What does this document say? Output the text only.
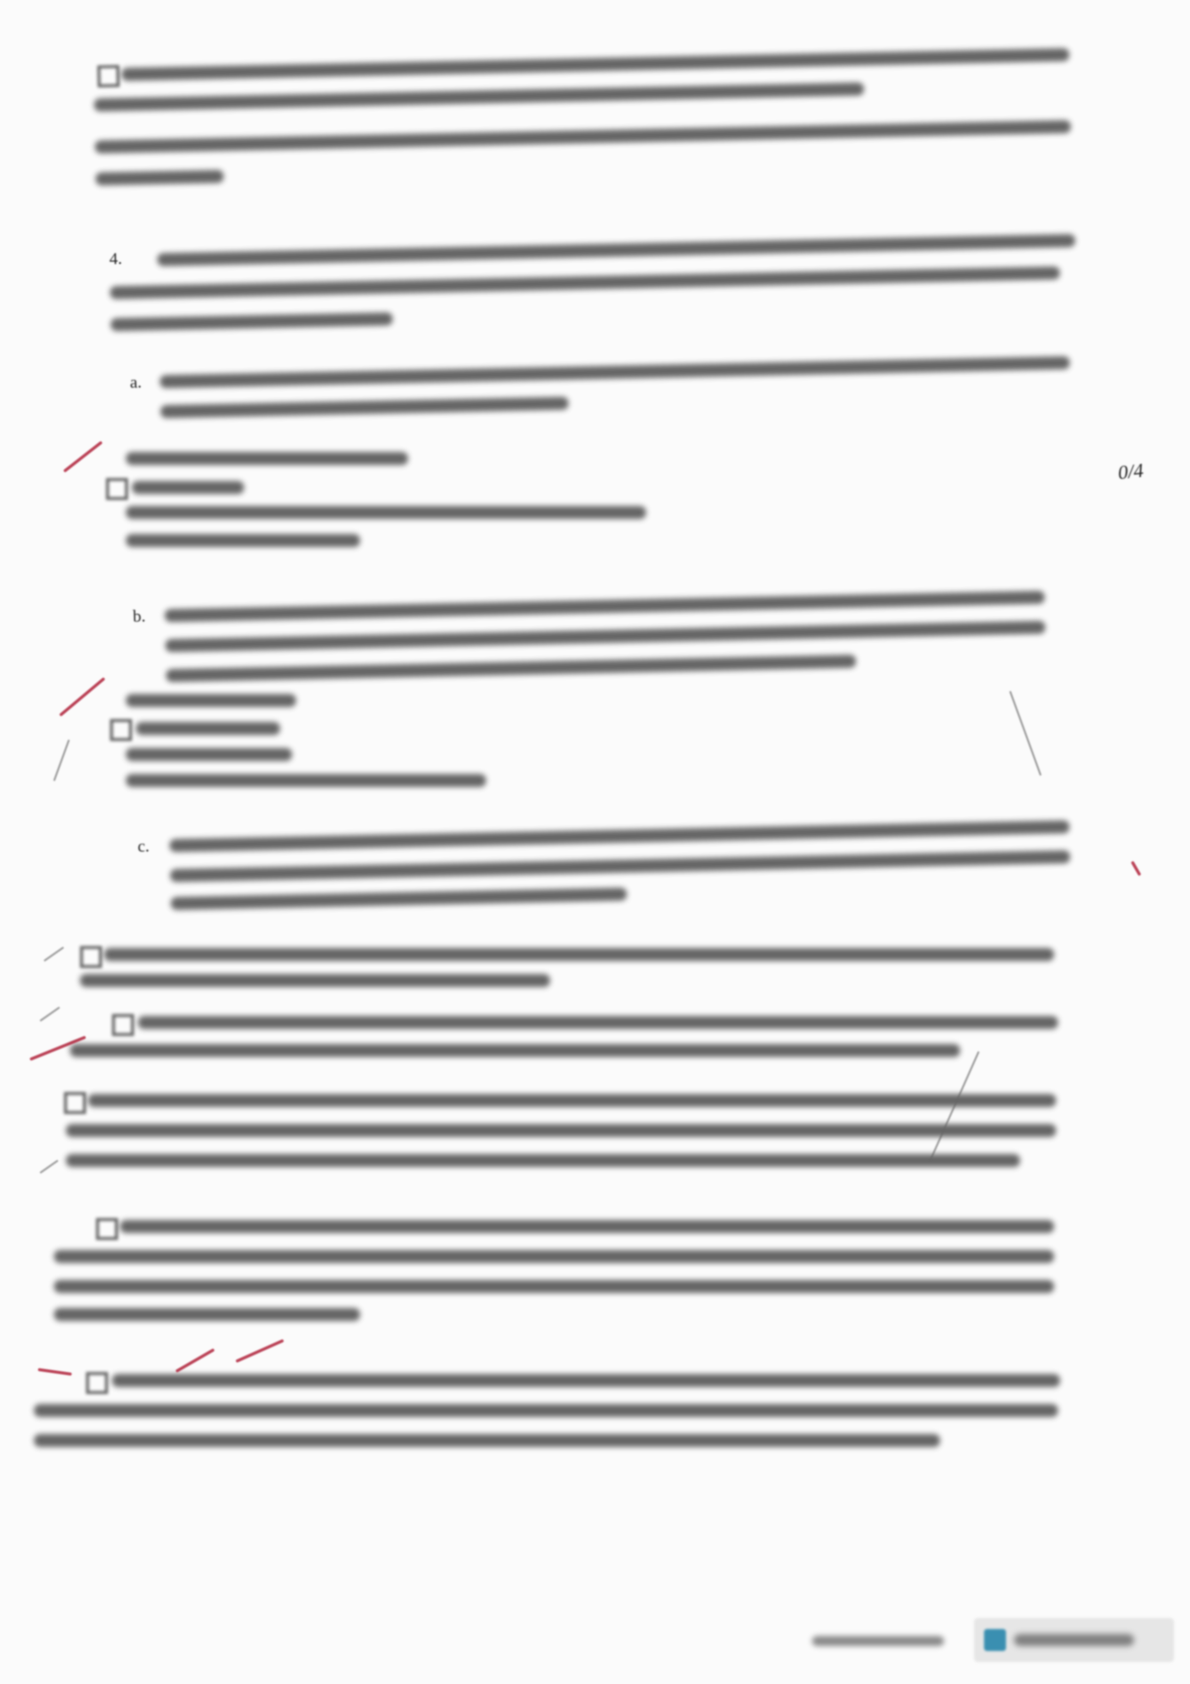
4.
a.
b.
c.
0/4
